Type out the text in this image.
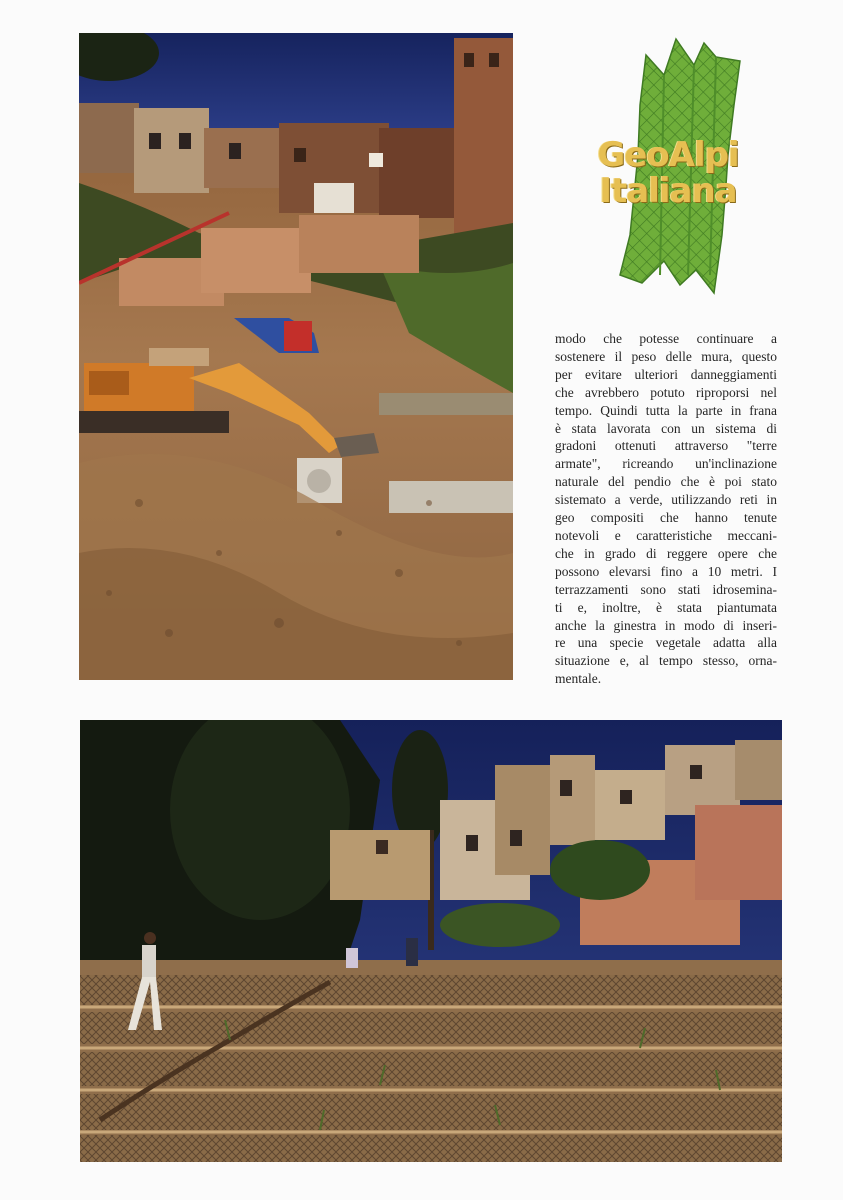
GeoAlpi
Italiana

modo che potesse continuare a
sostenere il peso delle mura, questo
per evitare ulteriori danneggiamenti
che avrebbero potuto riproporsi nel
tempo. Quindi tutta la parte in frana
è stata lavorata con un sistema di
gradoni ottenuti attraverso "terre
armate", ricreando un'inclinazione
naturale del pendio che è poi stato
sistemato a verde, utilizzando reti in
geo compositi che hanno tenute
notevoli e caratteristiche meccani-
che in grado di reggere opere che
possono elevarsi fino a 10 metri. I
terrazzamenti sono stati idrosemina-
ti e, inoltre, è stata piantumata
anche la ginestra in modo di inseri-
re una specie vegetale adatta alla
situazione e, al tempo stesso, orna-
mentale.
